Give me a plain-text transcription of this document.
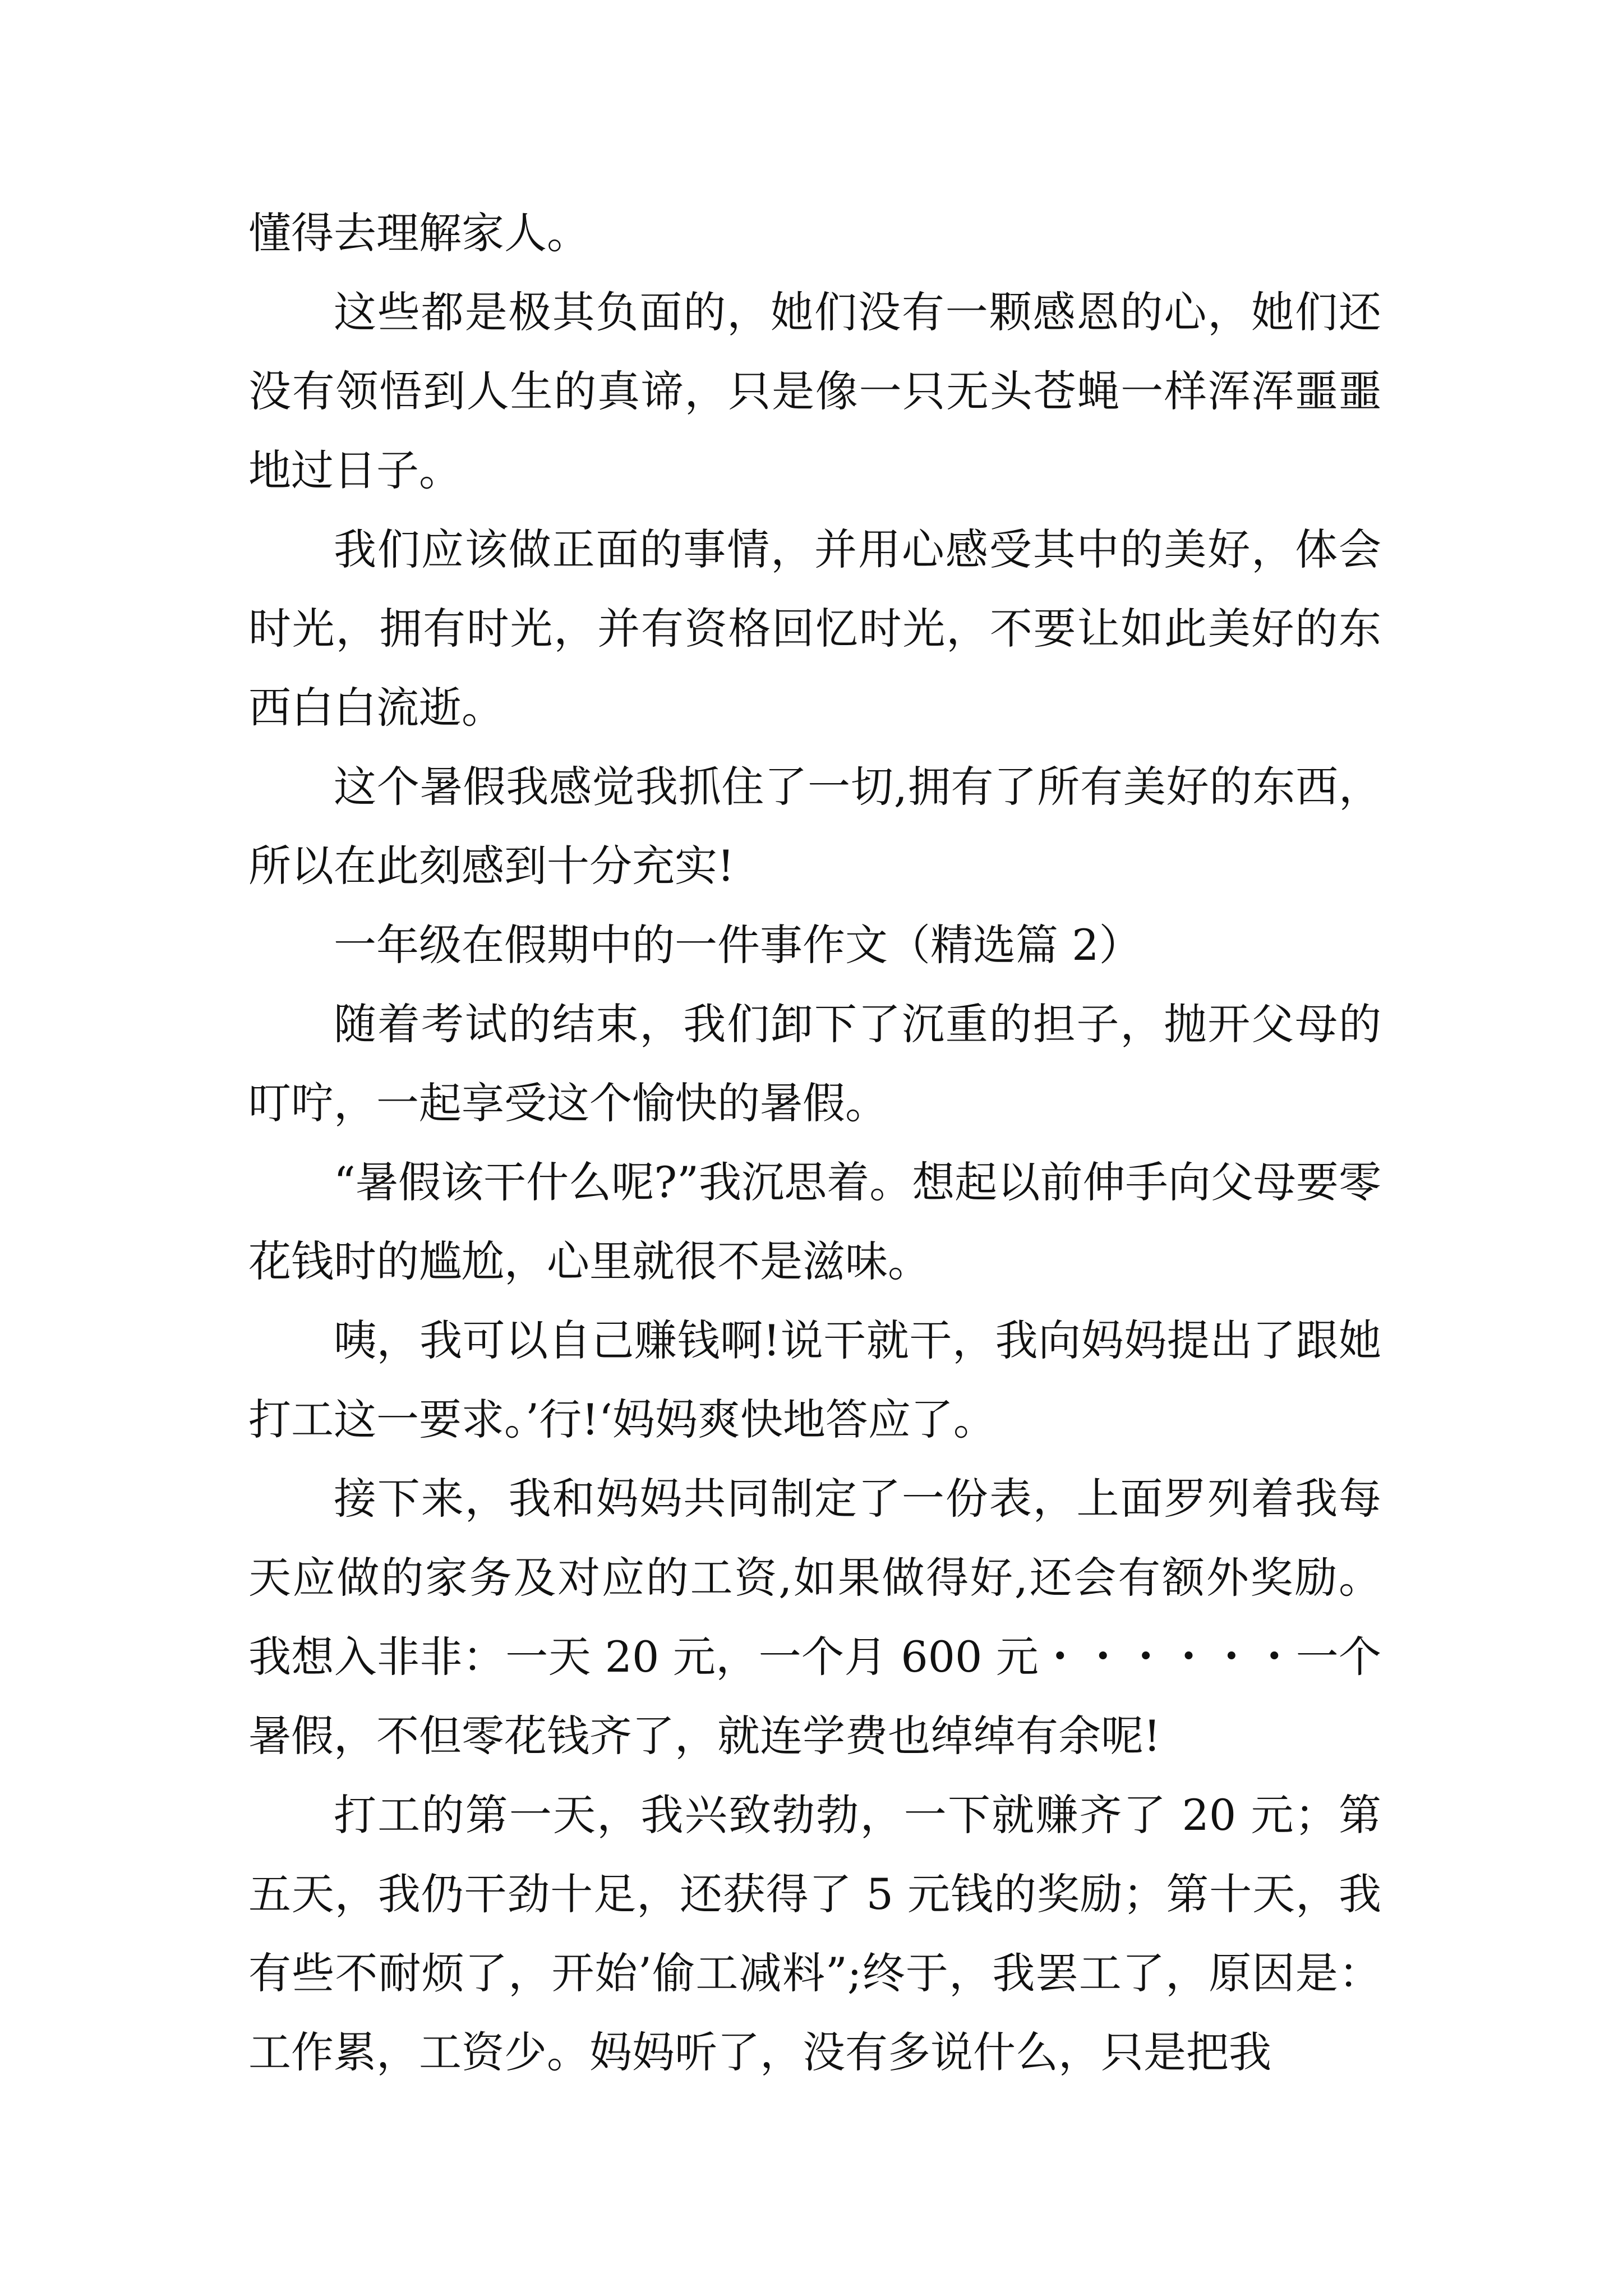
懂得去理解家人。

这些都是极其负面的，她们没有一颗感恩的心，她们还没有领悟到人生的真谛，只是像一只无头苍蝇一样浑浑噩噩地过日子。

我们应该做正面的事情，并用心感受其中的美好，体会时光，拥有时光，并有资格回忆时光，不要让如此美好的东西白白流逝。

这个暑假我感觉我抓住了一切,拥有了所有美好的东西，所以在此刻感到十分充实!

一年级在假期中的一件事作文（精选篇 2）

随着考试的结束，我们卸下了沉重的担子，抛开父母的叮咛，一起享受这个愉快的暑假。

“暑假该干什么呢?”我沉思着。想起以前伸手向父母要零花钱时的尴尬，心里就很不是滋味。

咦，我可以自己赚钱啊!说干就干，我向妈妈提出了跟她打工这一要求。’行!‘妈妈爽快地答应了。

接下来，我和妈妈共同制定了一份表，上面罗列着我每天应做的家务及对应的工资,如果做得好,还会有额外奖励。我想入非非：一天 20 元，一个月 600 元・・・・・・一个暑假，不但零花钱齐了，就连学费也绰绰有余呢!

打工的第一天，我兴致勃勃，一下就赚齐了 20 元；第五天，我仍干劲十足，还获得了 5 元钱的奖励；第十天，我有些不耐烦了，开始’偷工减料”;终于，我罢工了，原因是：工作累，工资少。妈妈听了，没有多说什么，只是把我
